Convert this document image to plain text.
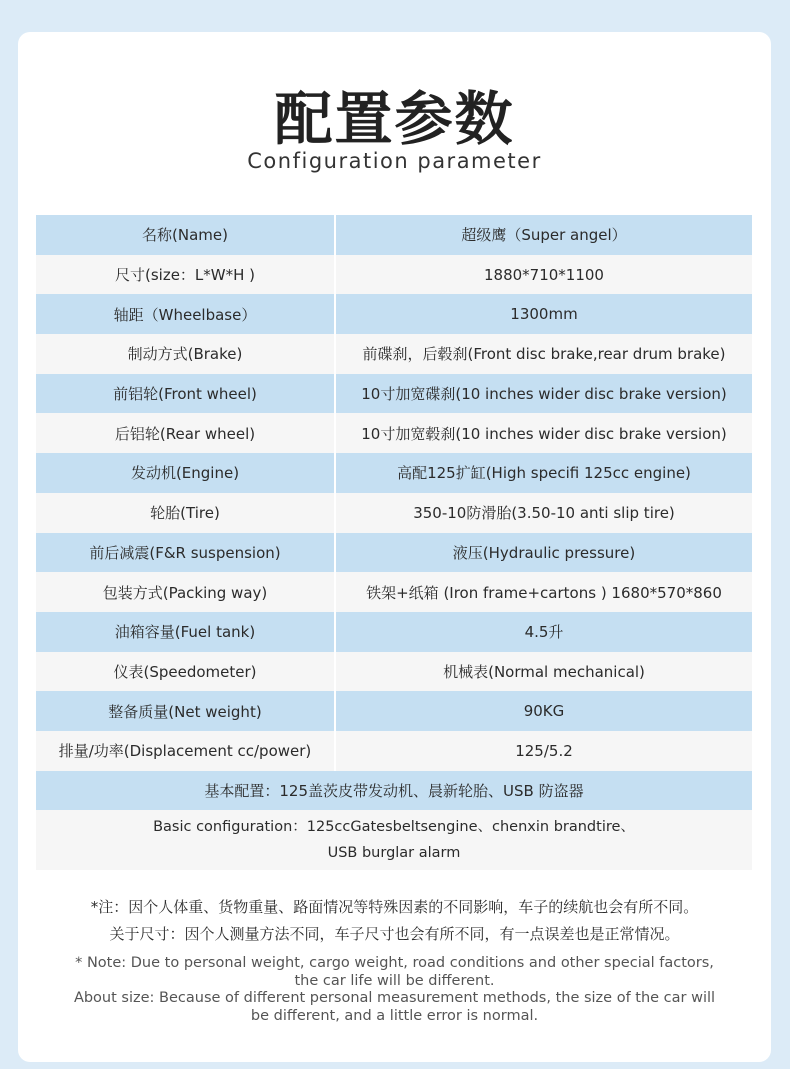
配置参数
Configuration parameter
名称(Name)	超级鹰（Super angel）
尺寸(size：L*W*H )	1880*710*1100
轴距（Wheelbase）	1300mm
制动方式(Brake)	前碟刹，后毂刹(Front disc brake,rear drum brake)
前铝轮(Front wheel)	10寸加宽碟刹(10 inches wider disc brake version)
后铝轮(Rear wheel)	10寸加宽毂刹(10 inches wider disc brake version)
发动机(Engine)	高配125扩缸(High specifi 125cc engine)
轮胎(Tire)	350-10防滑胎(3.50-10 anti slip tire)
前后减震(F&R suspension)	液压(Hydraulic pressure)
包装方式(Packing way)	铁架+纸箱 (Iron frame+cartons ) 1680*570*860
油箱容量(Fuel tank)	4.5升
仪表(Speedometer)	机械表(Normal mechanical)
整备质量(Net weight)	90KG
排量/功率(Displacement cc/power)	125/5.2
基本配置：125盖茨皮带发动机、晨新轮胎、USB 防盗器
Basic configuration：125ccGatesbeltsengine、chenxin brandtire、
USB burglar alarm
*注：因个人体重、货物重量、路面情况等特殊因素的不同影响，车子的续航也会有所不同。
关于尺寸：因个人测量方法不同，车子尺寸也会有所不同，有一点误差也是正常情况。
* Note: Due to personal weight, cargo weight, road conditions and other special factors,
the car life will be different.
About size: Because of different personal measurement methods, the size of the car will
be different, and a little error is normal.
